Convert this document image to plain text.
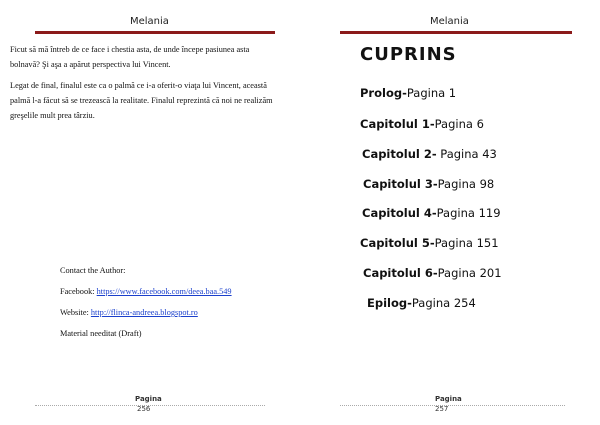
Melania

Ficut să mă întreb de ce face i chestia asta, de unde începe pasiunea asta bolnavă? Şi aşa a apărut perspectiva lui Vincent.

Legat de final, finalul este ca o palmă ce i-a oferit-o viaţa lui Vincent, această palmă l-a făcut să se trezească la realitate. Finalul reprezintă că noi ne realizăm greşelile mult prea târziu.

Contact the Author:
Facebook: https://www.facebook.com/deea.baa.549
Website: http://flinca-andreea.blogspot.ro
Material needitat (Draft)
Pagina
256
Melania
CUPRINS
Prolog-Pagina 1
Capitolul 1-Pagina 6
Capitolul 2- Pagina 43
Capitolul 3-Pagina 98
Capitolul 4-Pagina 119
Capitolul 5-Pagina 151
Capitolul 6-Pagina 201
Epilog-Pagina 254
Pagina
257
